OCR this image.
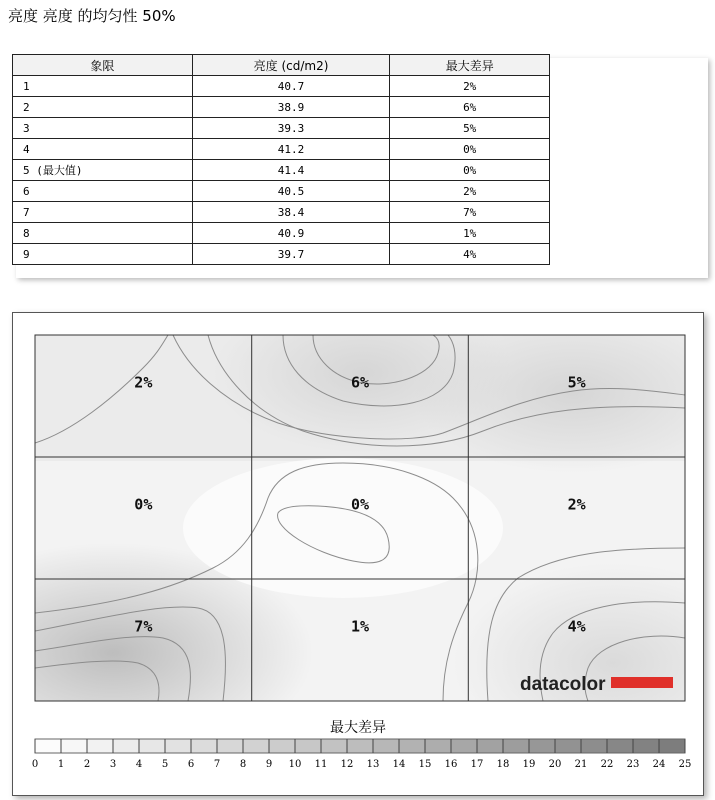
亮度 亮度 的均匀性 50%
象限	亮度 (cd/m2)	最大差异
1	40.7	2%
2	38.9	6%
3	39.3	5%
4	41.2	0%
5 (最大值)	41.4	0%
6	40.5	2%
7	38.4	7%
8	40.9	1%
9	39.7	4%
2%	6%	5%
0%	0%	2%
7%	1%	4%
datacolor
最大差异
0 1 2 3 4 5 6 7 8 9 10 11 12 13 14 15 16 17 18 19 20 21 22 23 24 25
